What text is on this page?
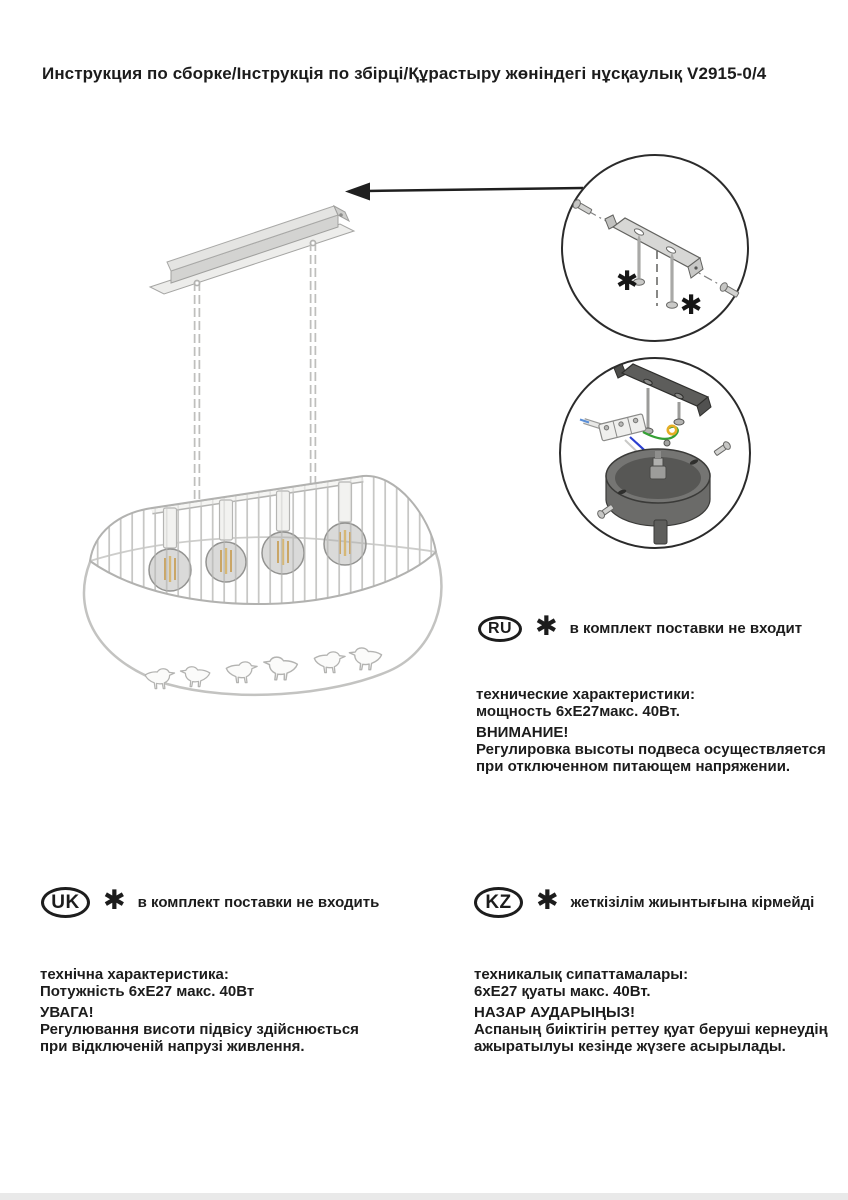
Инструкция по сборке/Інструкція по збірці/Құрастыру жөніндегі нұсқаулық V2915-0/4
✱
✱
RU ✱ в комплект поставки не входит
технические характеристики:
мощность 6хЕ27макс. 40Вт.
ВНИМАНИЕ!
Регулировка высоты подвеса осуществляется
при отключенном питающем напряжении.
UK ✱ в комплект поставки не входить	KZ ✱ жеткізілім жиынтығына кірмейді
технічна характеристика:
Потужність 6хЕ27 макс. 40Вт
УВАГА!
Регулювання висоти підвісу здійснюється
при відключеній напрузі живлення.
техникалық сипаттамалары:
6хЕ27 қуаты макс. 40Вт.
НАЗАР АУДАРЫҢЫЗ!
Аспаның биіктігін реттеу қуат беруші кернеудің
ажыратылуы кезінде жүзеге асырылады.
